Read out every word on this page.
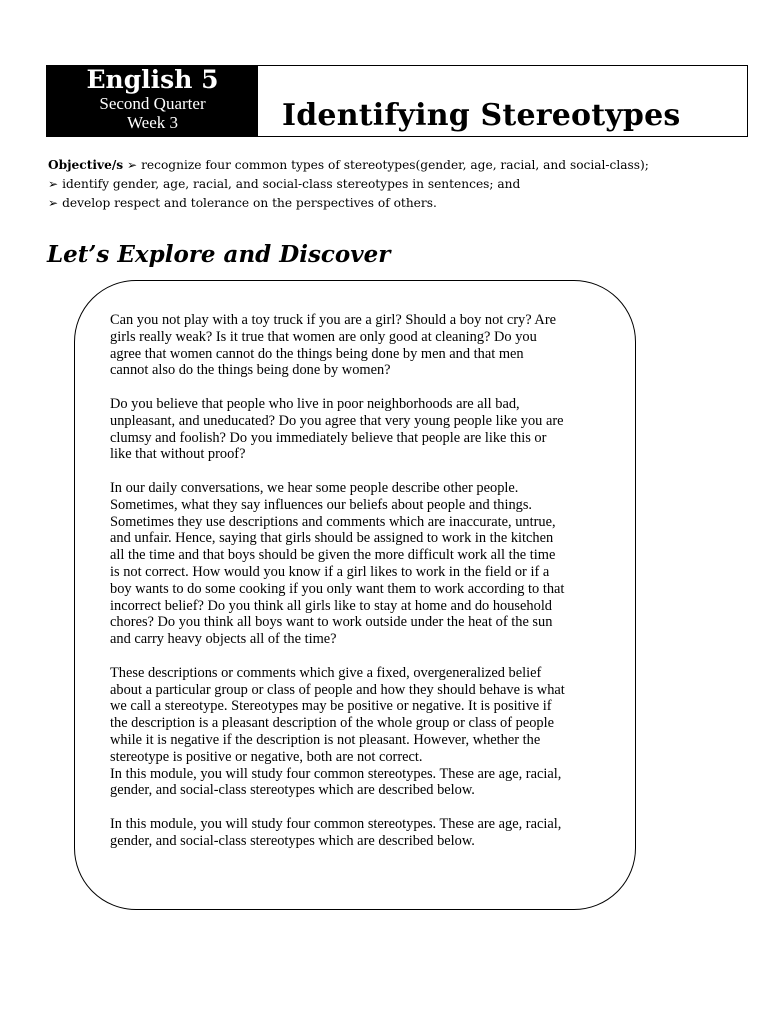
English 5
Second Quarter
Week 3	Identifying Stereotypes
Objective/s ➢ recognize four common types of stereotypes(gender, age, racial, and social-class);
➢ identify gender, age, racial, and social-class stereotypes in sentences; and
➢ develop respect and tolerance on the perspectives of others.
Let’s Explore and Discover

Can you not play with a toy truck if you are a girl? Should a boy not cry? Are
girls really weak? Is it true that women are only good at cleaning? Do you
agree that women cannot do the things being done by men and that men
cannot also do the things being done by women?

Do you believe that people who live in poor neighborhoods are all bad,
unpleasant, and uneducated? Do you agree that very young people like you are
clumsy and foolish? Do you immediately believe that people are like this or
like that without proof?

In our daily conversations, we hear some people describe other people.
Sometimes, what they say influences our beliefs about people and things.
Sometimes they use descriptions and comments which are inaccurate, untrue,
and unfair. Hence, saying that girls should be assigned to work in the kitchen
all the time and that boys should be given the more difficult work all the time
is not correct. How would you know if a girl likes to work in the field or if a
boy wants to do some cooking if you only want them to work according to that
incorrect belief? Do you think all girls like to stay at home and do household
chores? Do you think all boys want to work outside under the heat of the sun
and carry heavy objects all of the time?

These descriptions or comments which give a fixed, overgeneralized belief
about a particular group or class of people and how they should behave is what
we call a stereotype. Stereotypes may be positive or negative. It is positive if
the description is a pleasant description of the whole group or class of people
while it is negative if the description is not pleasant. However, whether the
stereotype is positive or negative, both are not correct.
In this module, you will study four common stereotypes. These are age, racial,
gender, and social-class stereotypes which are described below.

In this module, you will study four common stereotypes. These are age, racial,
gender, and social-class stereotypes which are described below.
